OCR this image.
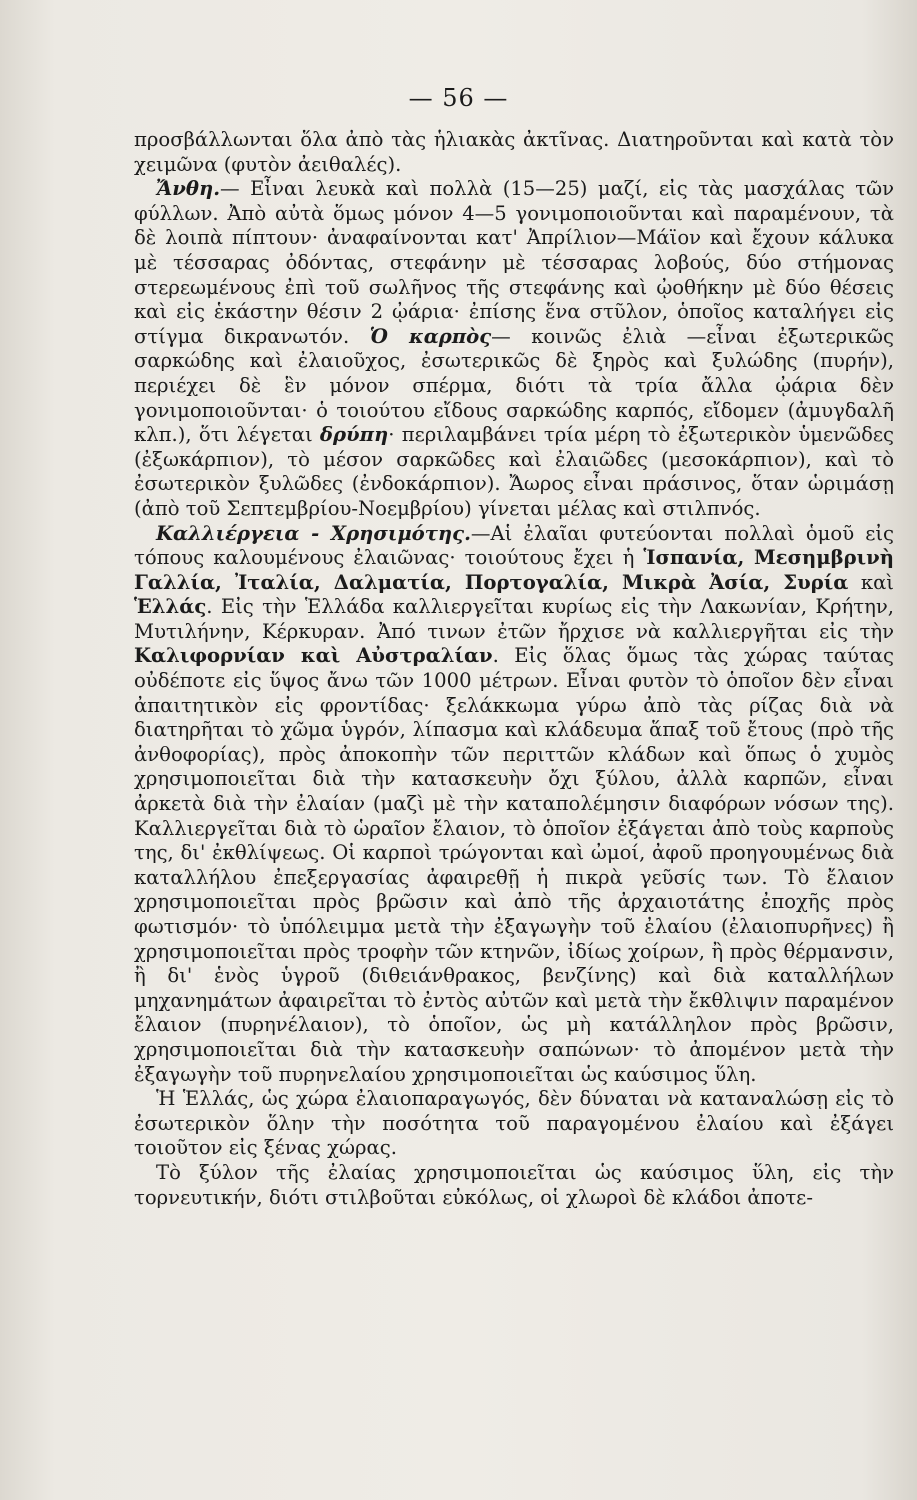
— 56 —

προσβάλλωνται ὅλα ἀπὸ τὰς ἡλιακὰς ἀκτῖνας. Διατηροῦνται καὶ κατὰ τὸν χειμῶνα (φυτὸν ἀειθαλές).

Ἄνθη.— Εἶναι λευκὰ καὶ πολλὰ (15—25) μαζί, εἰς τὰς μασχάλας τῶν φύλλων. Ἀπὸ αὐτὰ ὅμως μόνον 4—5 γονιμοποιοῦνται καὶ παραμένουν, τὰ δὲ λοιπὰ πίπτουν· ἀναφαίνονται κατ' Ἀπρίλιον—Μάϊον καὶ ἔχουν κάλυκα μὲ τέσσαρας ὀδόντας, στεφάνην μὲ τέσσαρας λοβούς, δύο στήμονας στερεωμένους ἐπὶ τοῦ σωλῆνος τῆς στεφάνης καὶ ᾠοθήκην μὲ δύο θέσεις καὶ εἰς ἑκάστην θέσιν 2 ᾠάρια· ἐπίσης ἕνα στῦλον, ὁποῖος καταλήγει εἰς στίγμα δικρανωτόν. Ὁ καρπὸς— κοινῶς ἐλιὰ —εἶναι ἐξωτερικῶς σαρκώδης καὶ ἐλαιοῦχος, ἐσωτερικῶς δὲ ξηρὸς καὶ ξυλώδης (πυρήν), περιέχει δὲ ἓν μόνον σπέρμα, διότι τὰ τρία ἄλλα ᾠάρια δὲν γονιμοποιοῦνται· ὁ τοιούτου εἴδους σαρκώδης καρπός, εἴδομεν (ἀμυγδαλῆ κλπ.), ὅτι λέγεται δρύπη· περιλαμβάνει τρία μέρη τὸ ἐξωτερικὸν ὑμενῶδες (ἐξωκάρπιον), τὸ μέσον σαρκῶδες καὶ ἐλαιῶδες (μεσοκάρπιον), καὶ τὸ ἐσωτερικὸν ξυλῶδες (ἐνδοκάρπιον). Ἄωρος εἶναι πράσινος, ὅταν ὡριμάσῃ (ἀπὸ τοῦ Σεπτεμβρίου-Νοεμβρίου) γίνεται μέλας καὶ στιλπνός.

Καλλιέργεια - Χρησιμότης.—Αἱ ἐλαῖαι φυτεύονται πολλαὶ ὁμοῦ εἰς τόπους καλουμένους ἐλαιῶνας· τοιούτους ἔχει ἡ Ἱσπανία, Μεσημβρινὴ Γαλλία, Ἰταλία, Δαλματία, Πορτογαλία, Μικρὰ Ἀσία, Συρία καὶ Ἑλλάς. Εἰς τὴν Ἑλλάδα καλλιεργεῖται κυρίως εἰς τὴν Λακωνίαν, Κρήτην, Μυτιλήνην, Κέρκυραν. Ἀπό τινων ἐτῶν ἤρχισε νὰ καλλιεργῆται εἰς τὴν Καλιφορνίαν καὶ Αὐστραλίαν. Εἰς ὅλας ὅμως τὰς χώρας ταύτας οὐδέποτε εἰς ὕψος ἄνω τῶν 1000 μέτρων. Εἶναι φυτὸν τὸ ὁποῖον δὲν εἶναι ἀπαιτητικὸν εἰς φροντίδας· ξελάκκωμα γύρω ἀπὸ τὰς ρίζας διὰ νὰ διατηρῆται τὸ χῶμα ὑγρόν, λίπασμα καὶ κλάδευμα ἅπαξ τοῦ ἔτους (πρὸ τῆς ἀνθοφορίας), πρὸς ἀποκοπὴν τῶν περιττῶν κλάδων καὶ ὅπως ὁ χυμὸς χρησιμοποιεῖται διὰ τὴν κατασκευὴν ὄχι ξύλου, ἀλλὰ καρπῶν, εἶναι ἀρκετὰ διὰ τὴν ἐλαίαν (μαζὶ μὲ τὴν καταπολέμησιν διαφόρων νόσων της). Καλλιεργεῖται διὰ τὸ ὡραῖον ἔλαιον, τὸ ὁποῖον ἐξάγεται ἀπὸ τοὺς καρποὺς της, δι' ἐκθλίψεως. Οἱ καρποὶ τρώγονται καὶ ὠμοί, ἀφοῦ προηγουμένως διὰ καταλλήλου ἐπεξεργασίας ἀφαιρεθῇ ἡ πικρὰ γεῦσίς των. Τὸ ἔλαιον χρησιμοποιεῖται πρὸς βρῶσιν καὶ ἀπὸ τῆς ἀρχαιοτάτης ἐποχῆς πρὸς φωτισμόν· τὸ ὑπόλειμμα μετὰ τὴν ἐξαγωγὴν τοῦ ἐλαίου (ἐλαιοπυρῆνες) ἢ χρησιμοποιεῖται πρὸς τροφὴν τῶν κτηνῶν, ἰδίως χοίρων, ἢ πρὸς θέρμανσιν, ἢ δι' ἑνὸς ὑγροῦ (διθειάνθρακος, βενζίνης) καὶ διὰ καταλλήλων μηχανημάτων ἀφαιρεῖται τὸ ἐντὸς αὐτῶν καὶ μετὰ τὴν ἔκθλιψιν παραμένον ἔλαιον (πυρηνέλαιον), τὸ ὁποῖον, ὡς μὴ κατάλληλον πρὸς βρῶσιν, χρησιμοποιεῖται διὰ τὴν κατασκευὴν σαπώνων· τὸ ἀπομένον μετὰ τὴν ἐξαγωγὴν τοῦ πυρηνελαίου χρησιμοποιεῖται ὡς καύσιμος ὕλη.

Ἡ Ἑλλάς, ὡς χώρα ἐλαιοπαραγωγός, δὲν δύναται νὰ καταναλώσῃ εἰς τὸ ἐσωτερικὸν ὅλην τὴν ποσότητα τοῦ παραγομένου ἐλαίου καὶ ἐξάγει τοιοῦτον εἰς ξένας χώρας.

Τὸ ξύλον τῆς ἐλαίας χρησιμοποιεῖται ὡς καύσιμος ὕλη, εἰς τὴν τορνευτικήν, διότι στιλβοῦται εὐκόλως, οἱ χλωροὶ δὲ κλάδοι ἀποτε-
